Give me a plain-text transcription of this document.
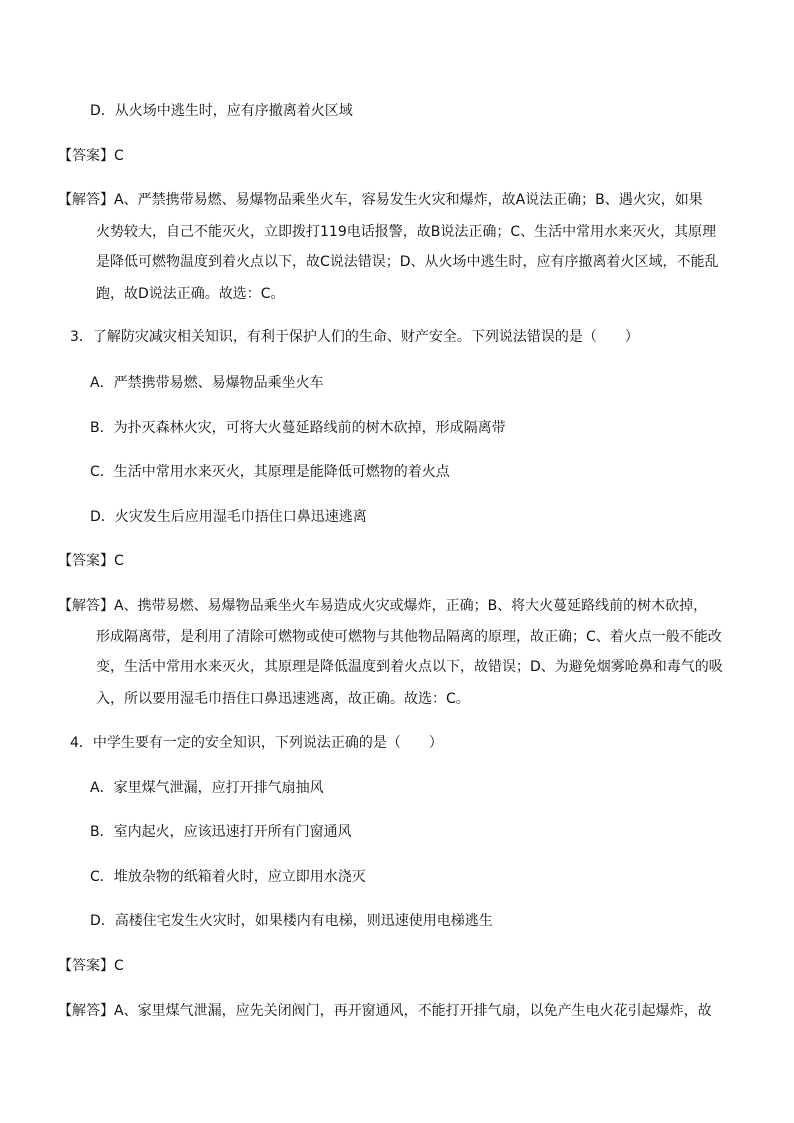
D．从火场中逃生时，应有序撤离着火区域
【答案】C
【解答】A、严禁携带易燃、易爆物品乘坐火车，容易发生火灾和爆炸，故A说法正确；B、遇火灾，如果
火势较大，自己不能灭火，立即拨打119电话报警，故B说法正确；C、生活中常用水来灭火，其原理
是降低可燃物温度到着火点以下，故C说法错误；D、从火场中逃生时，应有序撤离着火区域，不能乱
跑，故D说法正确。故选：C。
3．了解防灾减灾相关知识，有利于保护人们的生命、财产安全。下列说法错误的是（　　）
A．严禁携带易燃、易爆物品乘坐火车
B．为扑灭森林火灾，可将大火蔓延路线前的树木砍掉，形成隔离带
C．生活中常用水来灭火，其原理是能降低可燃物的着火点
D．火灾发生后应用湿毛巾捂住口鼻迅速逃离
【答案】C
【解答】A、携带易燃、易爆物品乘坐火车易造成火灾或爆炸，正确；B、将大火蔓延路线前的树木砍掉，
形成隔离带，是利用了清除可燃物或使可燃物与其他物品隔离的原理，故正确；C、着火点一般不能改
变，生活中常用水来灭火，其原理是降低温度到着火点以下，故错误；D、为避免烟雾呛鼻和毒气的吸
入，所以要用湿毛巾捂住口鼻迅速逃离，故正确。故选：C。
4．中学生要有一定的安全知识，下列说法正确的是（　　）
A．家里煤气泄漏，应打开排气扇抽风
B．室内起火，应该迅速打开所有门窗通风
C．堆放杂物的纸箱着火时，应立即用水浇灭
D．高楼住宅发生火灾时，如果楼内有电梯，则迅速使用电梯逃生
【答案】C
【解答】A、家里煤气泄漏，应先关闭阀门，再开窗通风，不能打开排气扇，以免产生电火花引起爆炸，故
